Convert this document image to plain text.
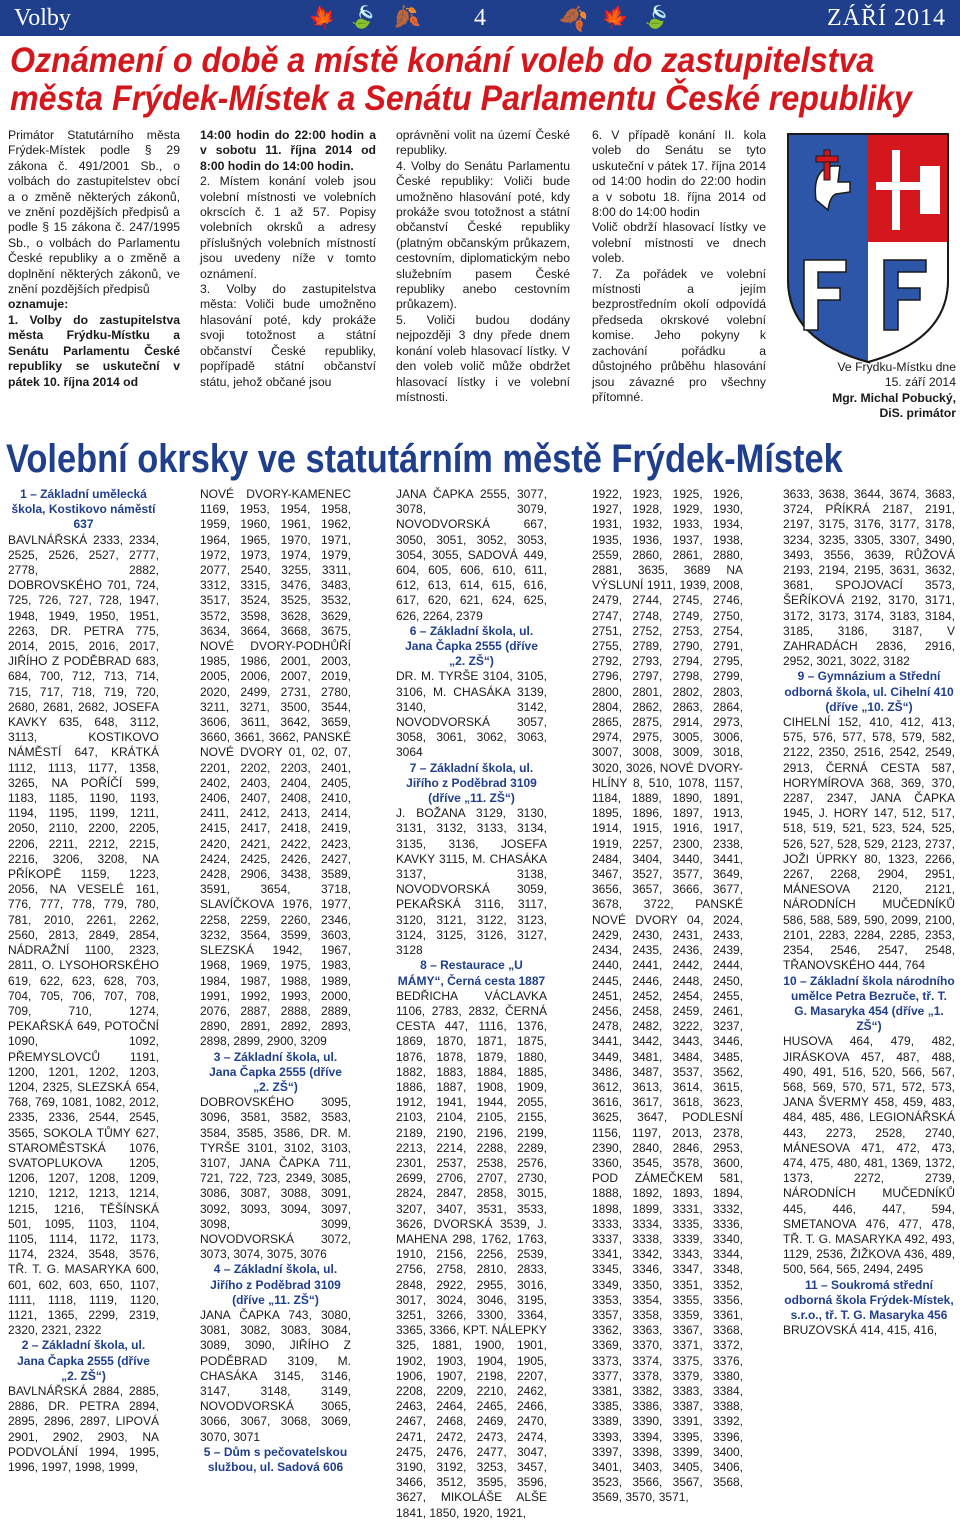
Volby	🍁 🍃 🍂 4	🍂 🍁 🍃	ZÁŘÍ 2014
Oznámení o době a místě konání voleb do zastupitelstva
města Frýdek-Místek a Senátu Parlamentu České republiky

Primátor Statutárního města Frýdek-Místek podle § 29 zákona č. 491/2001 Sb., o volbách do zastupitelstev obcí a o změně některých zákonů, ve znění pozdějších předpisů a podle § 15 zákona č. 247/1995 Sb., o volbách do Parlamentu České republiky a o změně a doplnění některých zákonů, ve znění pozdějších předpisů

oznamuje:

1. Volby do zastupitelstva města Frýdku-Místku a Senátu Parlamentu České republiky se uskuteční v pátek 10. října 2014 od

14:00 hodin do 22:00 hodin a v sobotu 11. října 2014 od 8:00 hodin do 14:00 hodin.

2. Místem konání voleb jsou volební místnosti ve volebních okrscích č. 1 až 57. Popisy volebních okrsků a adresy příslušných volebních místností jsou uvedeny níže v tomto oznámení.

3. Volby do zastupitelstva města: Voliči bude umožněno hlasování poté, kdy prokáže svoji totožnost a státní občanství České republiky, popřípadě státní občanství státu, jehož občané jsou

oprávněni volit na území České republiky.

4. Volby do Senátu Parlamentu České republiky: Voliči bude umožněno hlasování poté, kdy prokáže svou totožnost a státní občanství České republiky (platným občanským průkazem, cestovním, diplomatickým nebo služebním pasem České republiky anebo cestovním průkazem).

5. Voliči budou dodány nejpozději 3 dny přede dnem konání voleb hlasovací lístky. V den voleb volič může obdržet hlasovací lístky i ve volební místnosti.

6. V případě konání II. kola voleb do Senátu se tyto uskuteční v pátek 17. října 2014 od 14:00 hodin do 22:00 hodin a v sobotu 18. října 2014 od 8:00 do 14:00 hodin

Volič obdrží hlasovací lístky ve volební místnosti ve dnech voleb.

7. Za pořádek ve volební místnosti a jejím bezprostředním okolí odpovídá předseda okrskové volební komise. Jeho pokyny k zachování pořádku a důstojného průběhu hlasování jsou závazné pro všechny přítomné.

Ve Frýdku-Místku dne
15. září 2014
Mgr. Michal Pobucký,
DiS. primátor
Volební okrsky ve statutárním městě Frýdek-Místek

1 – Základní umělecká škola, Kostikovo náměstí 637

BAVLNÁŘSKÁ 2333, 2334, 2525, 2526, 2527, 2777, 2778, 2882, DOBROVSKÉHO 701, 724, 725, 726, 727, 728, 1947, 1948, 1949, 1950, 1951, 2263, DR. PETRA 775, 2014, 2015, 2016, 2017, JIŘÍHO Z PODĚBRAD 683, 684, 700, 712, 713, 714, 715, 717, 718, 719, 720, 2680, 2681, 2682, JOSEFA KAVKY 635, 648, 3112, 3113, KOSTIKOVO NÁMĚSTÍ 647, KRÁTKÁ 1112, 1113, 1177, 1358, 3265, NA POŘÍČÍ 599, 1183, 1185, 1190, 1193, 1194, 1195, 1199, 1211, 2050, 2110, 2200, 2205, 2206, 2211, 2212, 2215, 2216, 3206, 3208, NA PŘÍKOPĚ 1159, 1223, 2056, NA VESELÉ 161, 776, 777, 778, 779, 780, 781, 2010, 2261, 2262, 2560, 2813, 2849, 2854, NÁDRAŽNÍ 1100, 2323, 2811, O. LYSOHORSKÉHO 619, 622, 623, 628, 703, 704, 705, 706, 707, 708, 709, 710, 1274, PEKAŘSKÁ 649, POTOČNÍ 1090, 1092, PŘEMYSLOVCŮ 1191, 1200, 1201, 1202, 1203, 1204, 2325, SLEZSKÁ 654, 768, 769, 1081, 1082, 2012, 2335, 2336, 2544, 2545, 3565, SOKOLA TŮMY 627, STAROMĚSTSKÁ 1076, SVATOPLUKOVA 1205, 1206, 1207, 1208, 1209, 1210, 1212, 1213, 1214, 1215, 1216, TĚŠÍNSKÁ 501, 1095, 1103, 1104, 1105, 1114, 1172, 1173, 1174, 2324, 3548, 3576, TŘ. T. G. MASARYKA 600, 601, 602, 603, 650, 1107, 1111, 1118, 1119, 1120, 1121, 1365, 2299, 2319, 2320, 2321, 2322

2 – Základní škola, ul. Jana Čapka 2555 (dříve „2. ZŠ“)

BAVLNÁŘSKÁ 2884, 2885, 2886, DR. PETRA 2894, 2895, 2896, 2897, LIPOVÁ 2901, 2902, 2903, NA PODVOLÁNÍ 1994, 1995, 1996, 1997, 1998, 1999,

NOVÉ DVORY-KAMENEC 1169, 1953, 1954, 1958, 1959, 1960, 1961, 1962, 1964, 1965, 1970, 1971, 1972, 1973, 1974, 1979, 2077, 2540, 3255, 3311, 3312, 3315, 3476, 3483, 3517, 3524, 3525, 3532, 3572, 3598, 3628, 3629, 3634, 3664, 3668, 3675, NOVÉ DVORY-PODHŮŘÍ 1985, 1986, 2001, 2003, 2005, 2006, 2007, 2019, 2020, 2499, 2731, 2780, 3211, 3271, 3500, 3544, 3606, 3611, 3642, 3659, 3660, 3661, 3662, PANSKÉ NOVÉ DVORY 01, 02, 07, 2201, 2202, 2203, 2401, 2402, 2403, 2404, 2405, 2406, 2407, 2408, 2410, 2411, 2412, 2413, 2414, 2415, 2417, 2418, 2419, 2420, 2421, 2422, 2423, 2424, 2425, 2426, 2427, 2428, 2906, 3438, 3589, 3591, 3654, 3718, SLAVÍČKOVA 1976, 1977, 2258, 2259, 2260, 2346, 3232, 3564, 3599, 3603, SLEZSKÁ 1942, 1967, 1968, 1969, 1975, 1983, 1984, 1987, 1988, 1989, 1991, 1992, 1993, 2000, 2076, 2887, 2888, 2889, 2890, 2891, 2892, 2893, 2898, 2899, 2900, 3209

3 – Základní škola, ul. Jana Čapka 2555 (dříve „2. ZŠ“)

DOBROVSKÉHO 3095, 3096, 3581, 3582, 3583, 3584, 3585, 3586, DR. M. TYRŠE 3101, 3102, 3103, 3107, JANA ČAPKA 711, 721, 722, 723, 2349, 3085, 3086, 3087, 3088, 3091, 3092, 3093, 3094, 3097, 3098, 3099, NOVODVORSKÁ 3072, 3073, 3074, 3075, 3076

4 – Základní škola, ul. Jiřího z Poděbrad 3109 (dříve „11. ZŠ“)

JANA ČAPKA 743, 3080, 3081, 3082, 3083, 3084, 3089, 3090, JIŘÍHO Z PODĚBRAD 3109, M. CHASÁKA 3145, 3146, 3147, 3148, 3149, NOVODVORSKÁ 3065, 3066, 3067, 3068, 3069, 3070, 3071

5 – Dům s pečovatelskou službou, ul. Sadová 606

JANA ČAPKA 2555, 3077, 3078, 3079, NOVODVORSKÁ 667, 3050, 3051, 3052, 3053, 3054, 3055, SADOVÁ 449, 604, 605, 606, 610, 611, 612, 613, 614, 615, 616, 617, 620, 621, 624, 625, 626, 2264, 2379

6 – Základní škola, ul. Jana Čapka 2555 (dříve „2. ZŠ“)

DR. M. TYRŠE 3104, 3105, 3106, M. CHASÁKA 3139, 3140, 3142, NOVODVORSKÁ 3057, 3058, 3061, 3062, 3063, 3064

7 – Základní škola, ul. Jiřího z Poděbrad 3109 (dříve „11. ZŠ“)

J. BOŽANA 3129, 3130, 3131, 3132, 3133, 3134, 3135, 3136, JOSEFA KAVKY 3115, M. CHASÁKA 3137, 3138, NOVODVORSKÁ 3059, PEKAŘSKÁ 3116, 3117, 3120, 3121, 3122, 3123, 3124, 3125, 3126, 3127, 3128

8 – Restaurace „U MÁMY“, Černá cesta 1887

BEDŘICHA VÁCLAVKA 1106, 2783, 2832, ČERNÁ CESTA 447, 1116, 1376, 1869, 1870, 1871, 1875, 1876, 1878, 1879, 1880, 1882, 1883, 1884, 1885, 1886, 1887, 1908, 1909, 1912, 1941, 1944, 2055, 2103, 2104, 2105, 2155, 2189, 2190, 2196, 2199, 2213, 2214, 2288, 2289, 2301, 2537, 2538, 2576, 2699, 2706, 2707, 2730, 2824, 2847, 2858, 3015, 3207, 3407, 3531, 3533, 3626, DVORSKÁ 3539, J. MAHENA 298, 1762, 1763, 1910, 2156, 2256, 2539, 2756, 2758, 2810, 2833, 2848, 2922, 2955, 3016, 3017, 3024, 3046, 3195, 3251, 3266, 3300, 3364, 3365, 3366, KPT. NÁLEPKY 325, 1881, 1900, 1901, 1902, 1903, 1904, 1905, 1906, 1907, 2198, 2207, 2208, 2209, 2210, 2462, 2463, 2464, 2465, 2466, 2467, 2468, 2469, 2470, 2471, 2472, 2473, 2474, 2475, 2476, 2477, 3047, 3190, 3192, 3253, 3457, 3466, 3512, 3595, 3596, 3627, MIKOLÁŠE ALŠE 1841, 1850, 1920, 1921,

1922, 1923, 1925, 1926, 1927, 1928, 1929, 1930, 1931, 1932, 1933, 1934, 1935, 1936, 1937, 1938, 2559, 2860, 2861, 2880, 2881, 3635, 3689 NA VÝSLUNÍ 1911, 1939, 2008, 2479, 2744, 2745, 2746, 2747, 2748, 2749, 2750, 2751, 2752, 2753, 2754, 2755, 2789, 2790, 2791, 2792, 2793, 2794, 2795, 2796, 2797, 2798, 2799, 2800, 2801, 2802, 2803, 2804, 2862, 2863, 2864, 2865, 2875, 2914, 2973, 2974, 2975, 3005, 3006, 3007, 3008, 3009, 3018, 3020, 3026, NOVÉ DVORY-HLÍNY 8, 510, 1078, 1157, 1184, 1889, 1890, 1891, 1895, 1896, 1897, 1913, 1914, 1915, 1916, 1917, 1919, 2257, 2300, 2338, 2484, 3404, 3440, 3441, 3467, 3527, 3577, 3649, 3656, 3657, 3666, 3677, 3678, 3722, PANSKÉ NOVÉ DVORY 04, 2024, 2429, 2430, 2431, 2433, 2434, 2435, 2436, 2439, 2440, 2441, 2442, 2444, 2445, 2446, 2448, 2450, 2451, 2452, 2454, 2455, 2456, 2458, 2459, 2461, 2478, 2482, 3222, 3237, 3441, 3442, 3443, 3446, 3449, 3481, 3484, 3485, 3486, 3487, 3537, 3562, 3612, 3613, 3614, 3615, 3616, 3617, 3618, 3623, 3625, 3647, PODLESNÍ 1156, 1197, 2013, 2378, 2390, 2840, 2846, 2953, 3360, 3545, 3578, 3600, POD ZÁMEČKEM 581, 1888, 1892, 1893, 1894, 1898, 1899, 3331, 3332, 3333, 3334, 3335, 3336, 3337, 3338, 3339, 3340, 3341, 3342, 3343, 3344, 3345, 3346, 3347, 3348, 3349, 3350, 3351, 3352, 3353, 3354, 3355, 3356, 3357, 3358, 3359, 3361, 3362, 3363, 3367, 3368, 3369, 3370, 3371, 3372, 3373, 3374, 3375, 3376, 3377, 3378, 3379, 3380, 3381, 3382, 3383, 3384, 3385, 3386, 3387, 3388, 3389, 3390, 3391, 3392, 3393, 3394, 3395, 3396, 3397, 3398, 3399, 3400, 3401, 3403, 3405, 3406, 3523, 3566, 3567, 3568, 3569, 3570, 3571,

3633, 3638, 3644, 3674, 3683, 3724, PŘÍKRÁ 2187, 2191, 2197, 3175, 3176, 3177, 3178, 3234, 3235, 3305, 3307, 3490, 3493, 3556, 3639, RŮŽOVÁ 2193, 2194, 2195, 3631, 3632, 3681, SPOJOVACÍ 3573, ŠEŘÍKOVÁ 2192, 3170, 3171, 3172, 3173, 3174, 3183, 3184, 3185, 3186, 3187, V ZAHRADÁCH 2836, 2916, 2952, 3021, 3022, 3182

9 – Gymnázium a Střední odborná škola, ul. Cihelní 410 (dříve „10. ZŠ“)

CIHELNÍ 152, 410, 412, 413, 575, 576, 577, 578, 579, 582, 2122, 2350, 2516, 2542, 2549, 2913, ČERNÁ CESTA 587, HORYMÍROVA 368, 369, 370, 2287, 2347, JANA ČAPKA 1945, J. HORY 147, 512, 517, 518, 519, 521, 523, 524, 525, 526, 527, 528, 529, 2123, 2737, JOŽI ÚPRKY 80, 1323, 2266, 2267, 2268, 2904, 2951, MÁNESOVA 2120, 2121, NÁRODNÍCH MUČEDNÍKŮ 586, 588, 589, 590, 2099, 2100, 2101, 2283, 2284, 2285, 2353, 2354, 2546, 2547, 2548, TŘANOVSKÉHO 444, 764

10 – Základní škola národního umělce Petra Bezruče, tř. T. G. Masaryka 454 (dříve „1. ZŠ“)

HUSOVA 464, 479, 482, JIRÁSKOVA 457, 487, 488, 490, 491, 516, 520, 566, 567, 568, 569, 570, 571, 572, 573, JANA ŠVERMY 458, 459, 483, 484, 485, 486, LEGIONÁŘSKÁ 443, 2273, 2528, 2740, MÁNESOVA 471, 472, 473, 474, 475, 480, 481, 1369, 1372, 1373, 2272, 2739, NÁRODNÍCH MUČEDNÍKŮ 445, 446, 447, 594, SMETANOVA 476, 477, 478, TŘ. T. G. MASARYKA 492, 493, 1129, 2536, ŽIŽKOVA 436, 489, 500, 564, 565, 2494, 2495

11 – Soukromá střední odborná škola Frýdek-Místek, s.r.o., tř. T. G. Masaryka 456

BRUZOVSKÁ 414, 415, 416,
